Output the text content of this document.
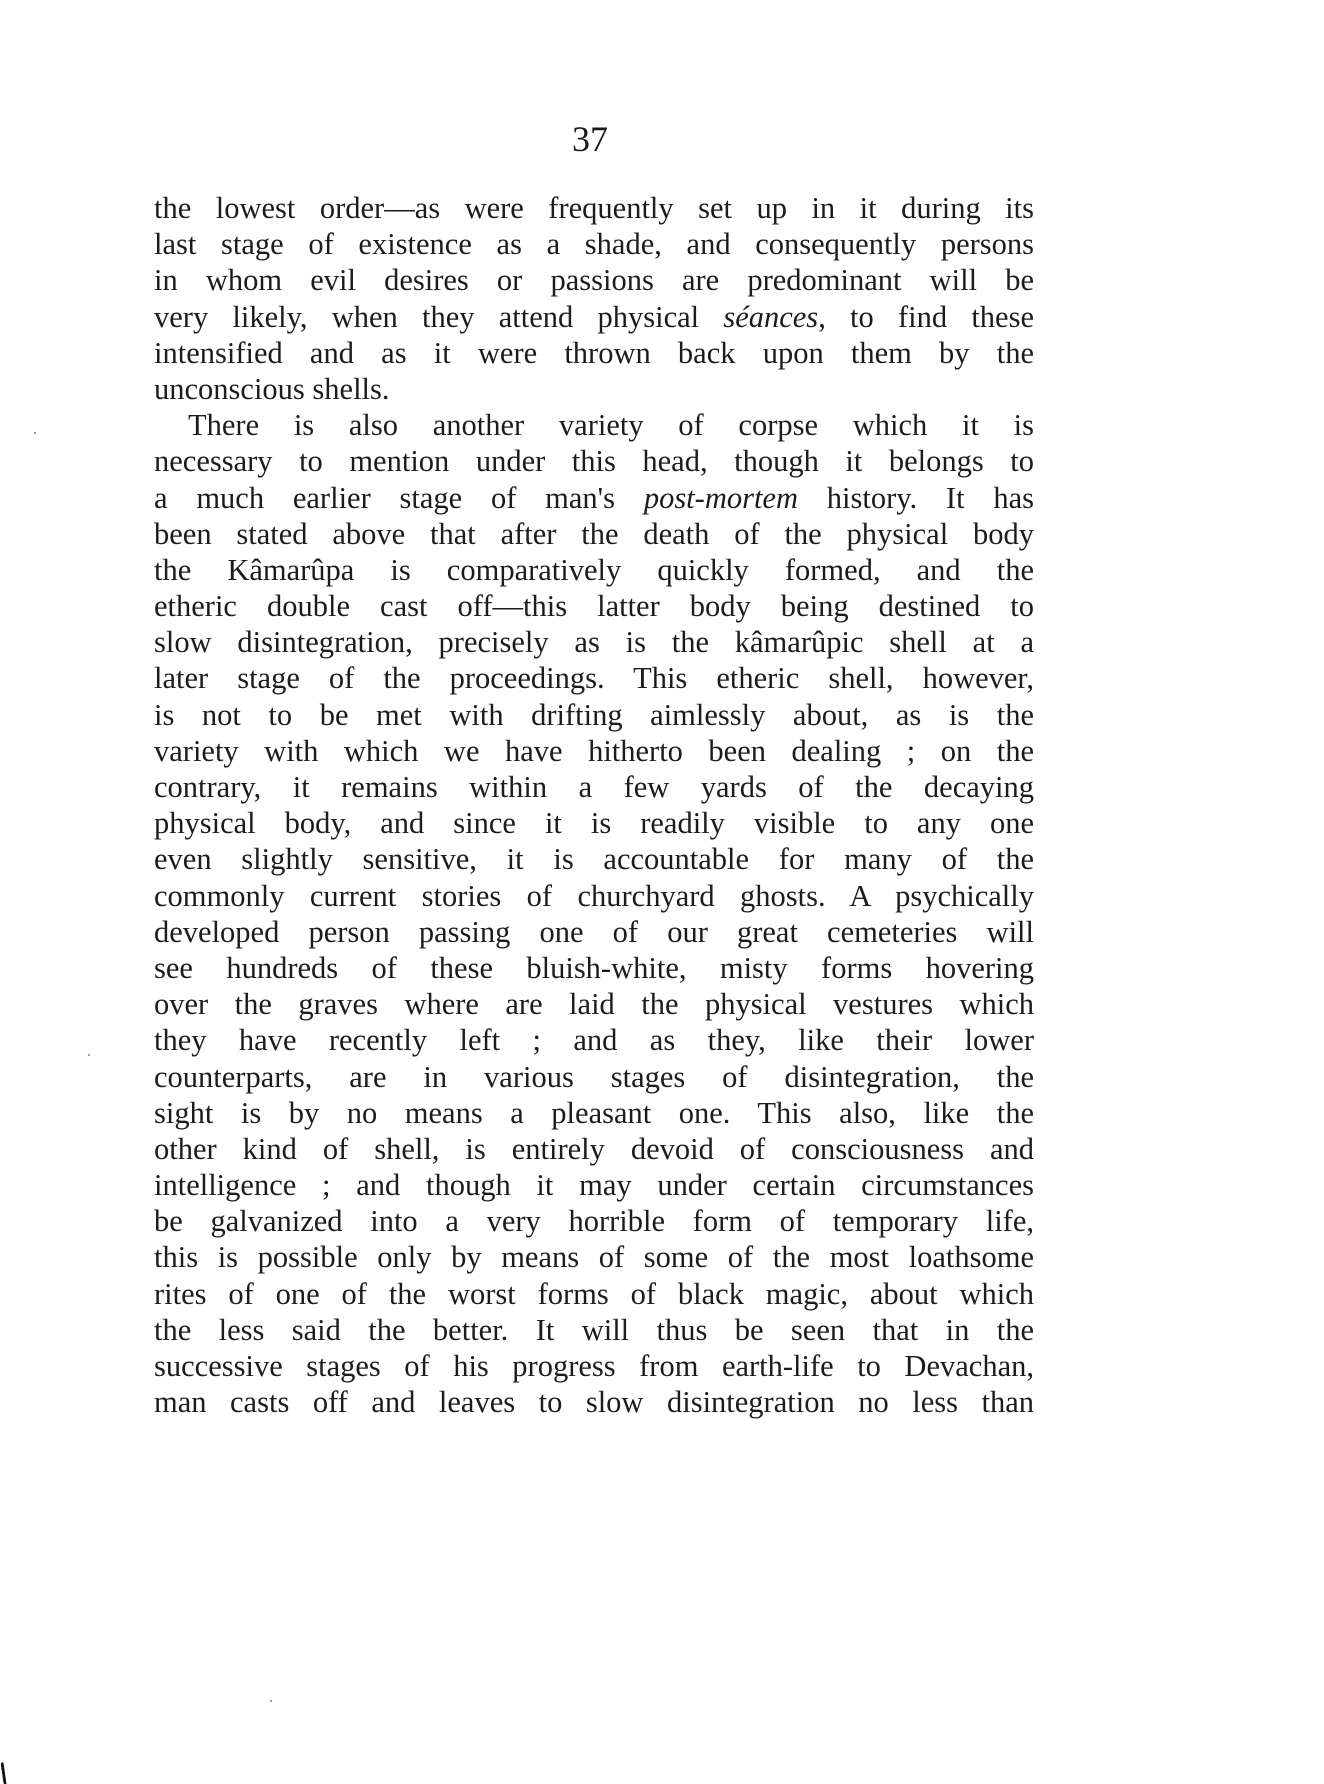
37
the lowest order—as were frequently set up in it during its
last stage of existence as a shade, and consequently persons
in whom evil desires or passions are predominant will be
very likely, when they attend physical séances, to find these
intensified and as it were thrown back upon them by the
unconscious shells.
There is also another variety of corpse which it is
necessary to mention under this head, though it belongs to
a much earlier stage of man's post-mortem history. It has
been stated above that after the death of the physical body
the Kâmarûpa is comparatively quickly formed, and the
etheric double cast off—this latter body being destined to
slow disintegration, precisely as is the kâmarûpic shell at a
later stage of the proceedings. This etheric shell, however,
is not to be met with drifting aimlessly about, as is the
variety with which we have hitherto been dealing ; on the
contrary, it remains within a few yards of the decaying
physical body, and since it is readily visible to any one
even slightly sensitive, it is accountable for many of the
commonly current stories of churchyard ghosts. A psychically
developed person passing one of our great cemeteries will
see hundreds of these bluish-white, misty forms hovering
over the graves where are laid the physical vestures which
they have recently left ; and as they, like their lower
counterparts, are in various stages of disintegration, the
sight is by no means a pleasant one. This also, like the
other kind of shell, is entirely devoid of consciousness and
intelligence ; and though it may under certain circumstances
be galvanized into a very horrible form of temporary life,
this is possible only by means of some of the most loathsome
rites of one of the worst forms of black magic, about which
the less said the better. It will thus be seen that in the
successive stages of his progress from earth-life to Devachan,
man casts off and leaves to slow disintegration no less than
